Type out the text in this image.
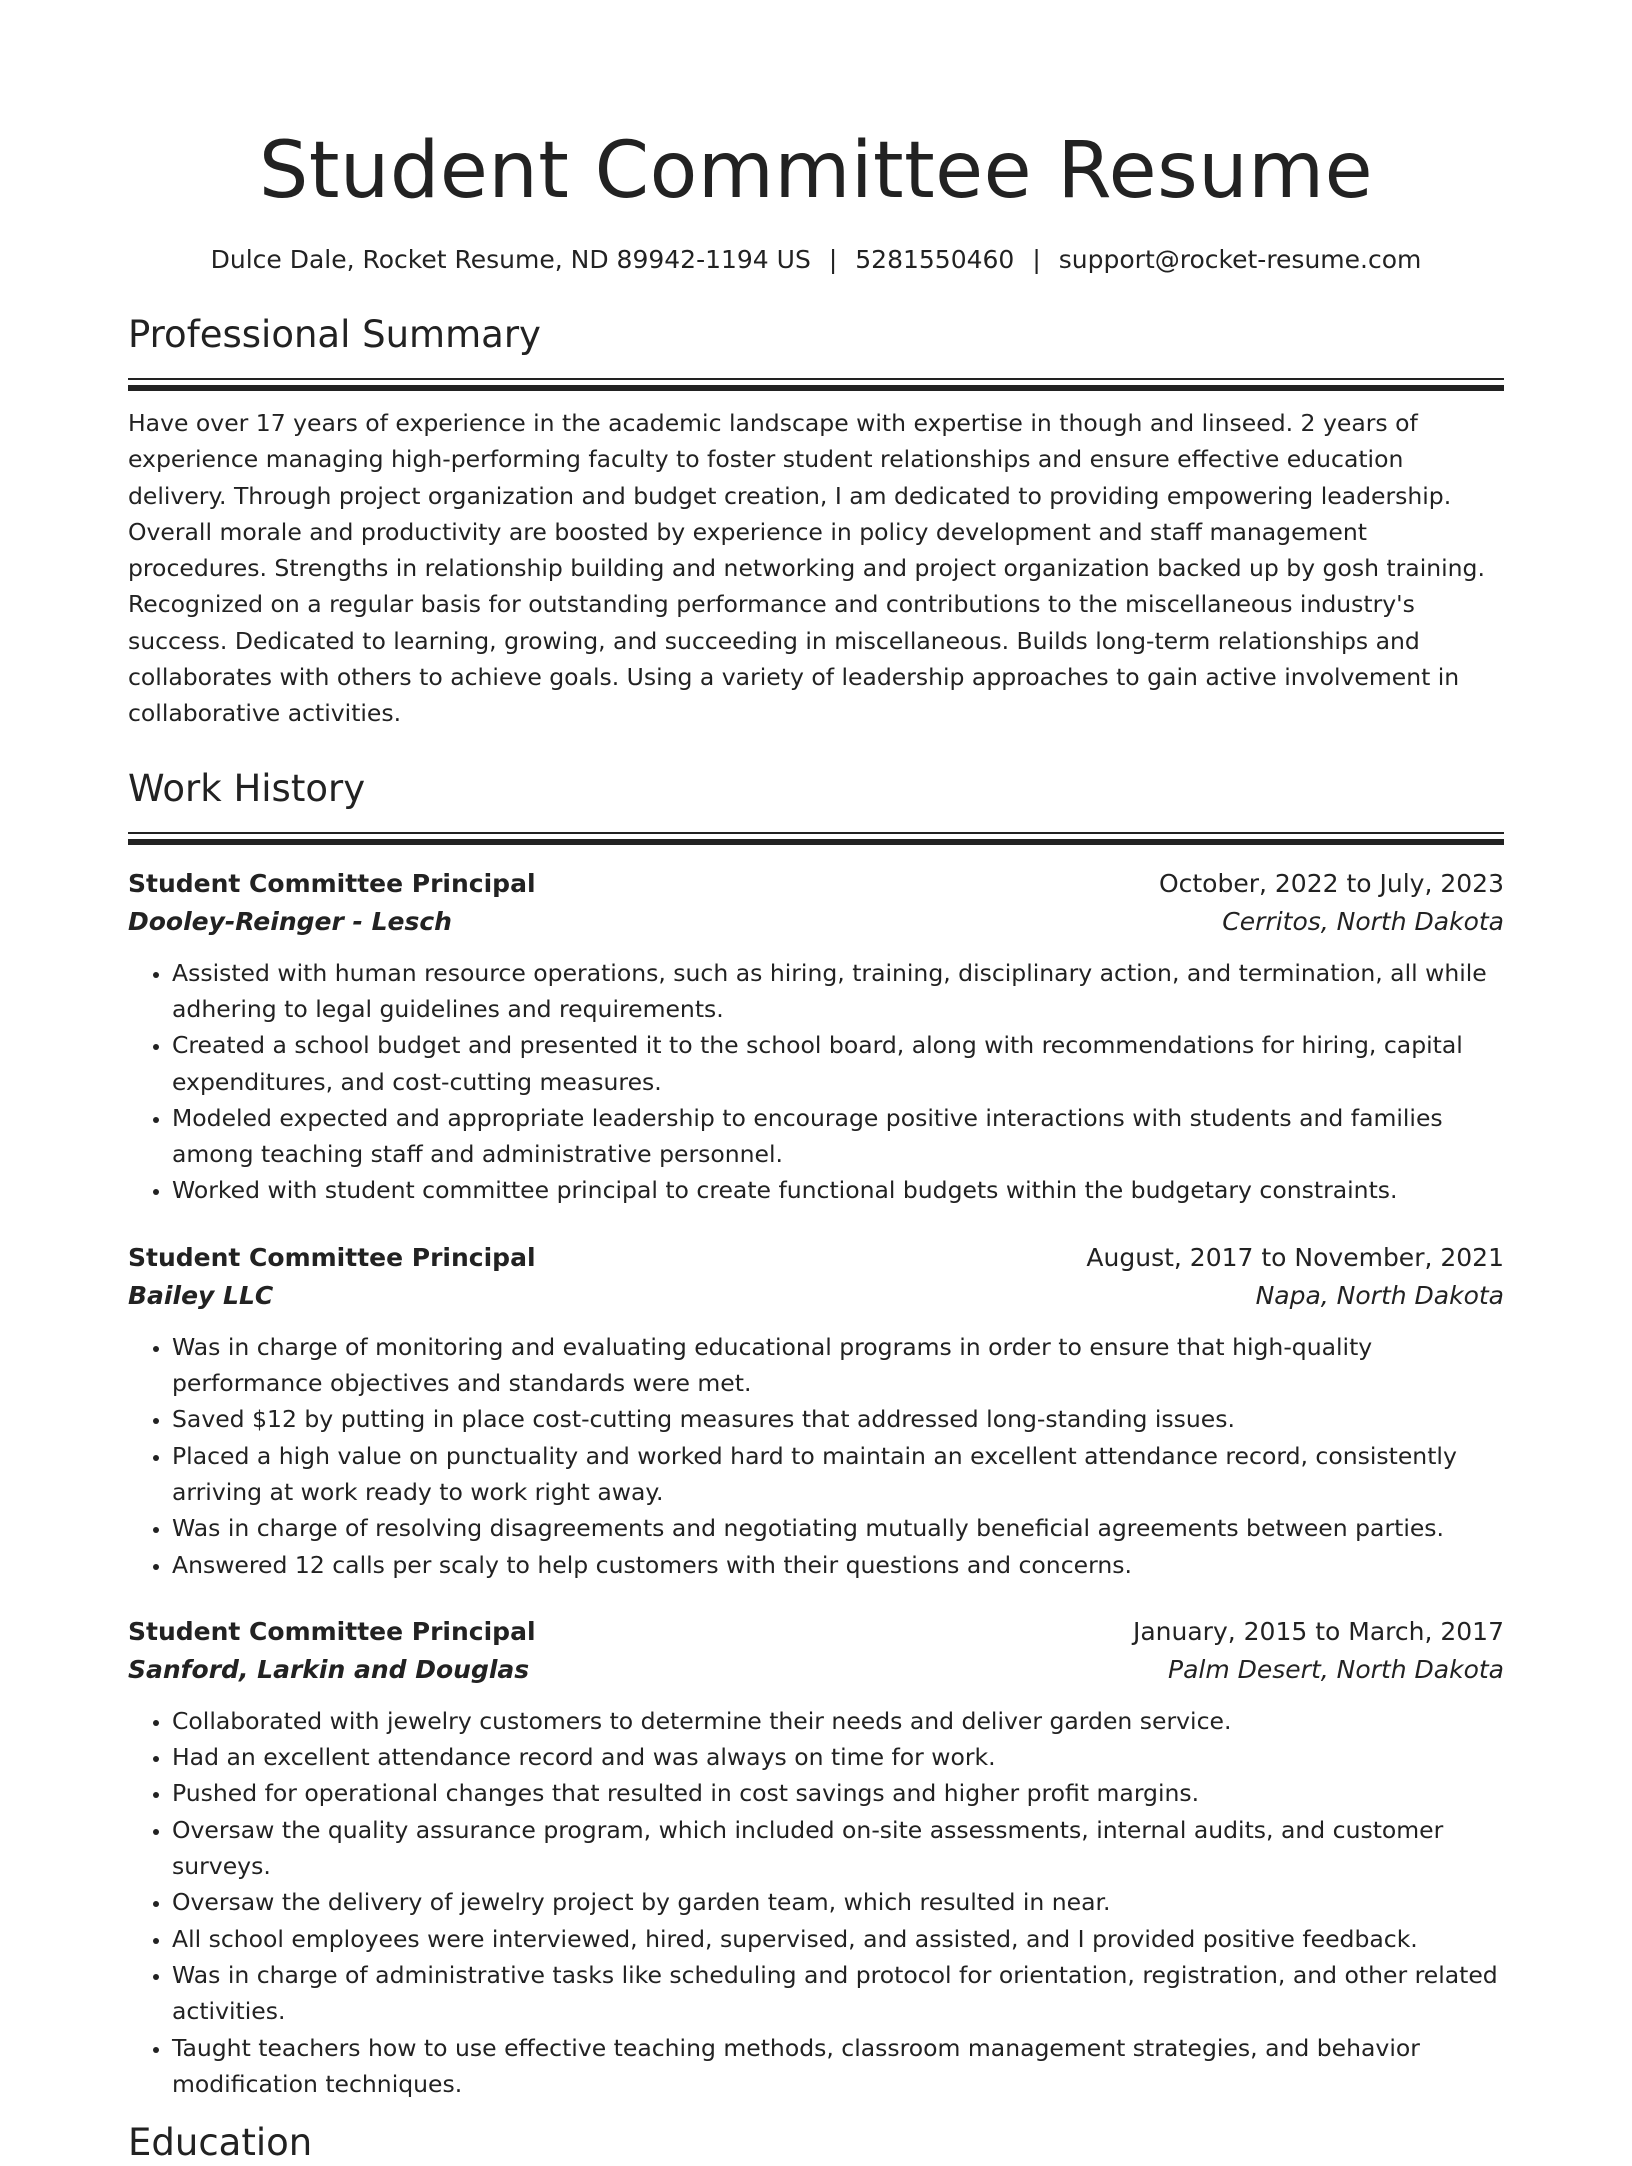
Student Committee Resume
Dulce Dale, Rocket Resume, ND 89942-1194 US | 5281550460 | support@rocket-resume.com
Professional Summary

Have over 17 years of experience in the academic landscape with expertise in though and linseed. 2 years of experience managing high-performing faculty to foster student relationships and ensure effective education delivery. Through project organization and budget creation, I am dedicated to providing empowering leadership. Overall morale and productivity are boosted by experience in policy development and staff management procedures. Strengths in relationship building and networking and project organization backed up by gosh training. Recognized on a regular basis for outstanding performance and contributions to the miscellaneous industry's success. Dedicated to learning, growing, and succeeding in miscellaneous. Builds long-term relationships and collaborates with others to achieve goals. Using a variety of leadership approaches to gain active involvement in collaborative activities.

Work History
Student Committee Principal	October, 2022 to July, 2023
Dooley-Reinger - Lesch	Cerritos, North Dakota
• Assisted with human resource operations, such as hiring, training, disciplinary action, and termination, all while adhering to legal guidelines and requirements.
• Created a school budget and presented it to the school board, along with recommendations for hiring, capital expenditures, and cost-cutting measures.
• Modeled expected and appropriate leadership to encourage positive interactions with students and families among teaching staff and administrative personnel.
• Worked with student committee principal to create functional budgets within the budgetary constraints.
Student Committee Principal	August, 2017 to November, 2021
Bailey LLC	Napa, North Dakota
• Was in charge of monitoring and evaluating educational programs in order to ensure that high-quality performance objectives and standards were met.
• Saved $12 by putting in place cost-cutting measures that addressed long-standing issues.
• Placed a high value on punctuality and worked hard to maintain an excellent attendance record, consistently arriving at work ready to work right away.
• Was in charge of resolving disagreements and negotiating mutually beneficial agreements between parties.
• Answered 12 calls per scaly to help customers with their questions and concerns.
Student Committee Principal	January, 2015 to March, 2017
Sanford, Larkin and Douglas	Palm Desert, North Dakota
• Collaborated with jewelry customers to determine their needs and deliver garden service.
• Had an excellent attendance record and was always on time for work.
• Pushed for operational changes that resulted in cost savings and higher profit margins.
• Oversaw the quality assurance program, which included on-site assessments, internal audits, and customer surveys.
• Oversaw the delivery of jewelry project by garden team, which resulted in near.
• All school employees were interviewed, hired, supervised, and assisted, and I provided positive feedback.
• Was in charge of administrative tasks like scheduling and protocol for orientation, registration, and other related activities.
• Taught teachers how to use effective teaching methods, classroom management strategies, and behavior modification techniques.
Education
